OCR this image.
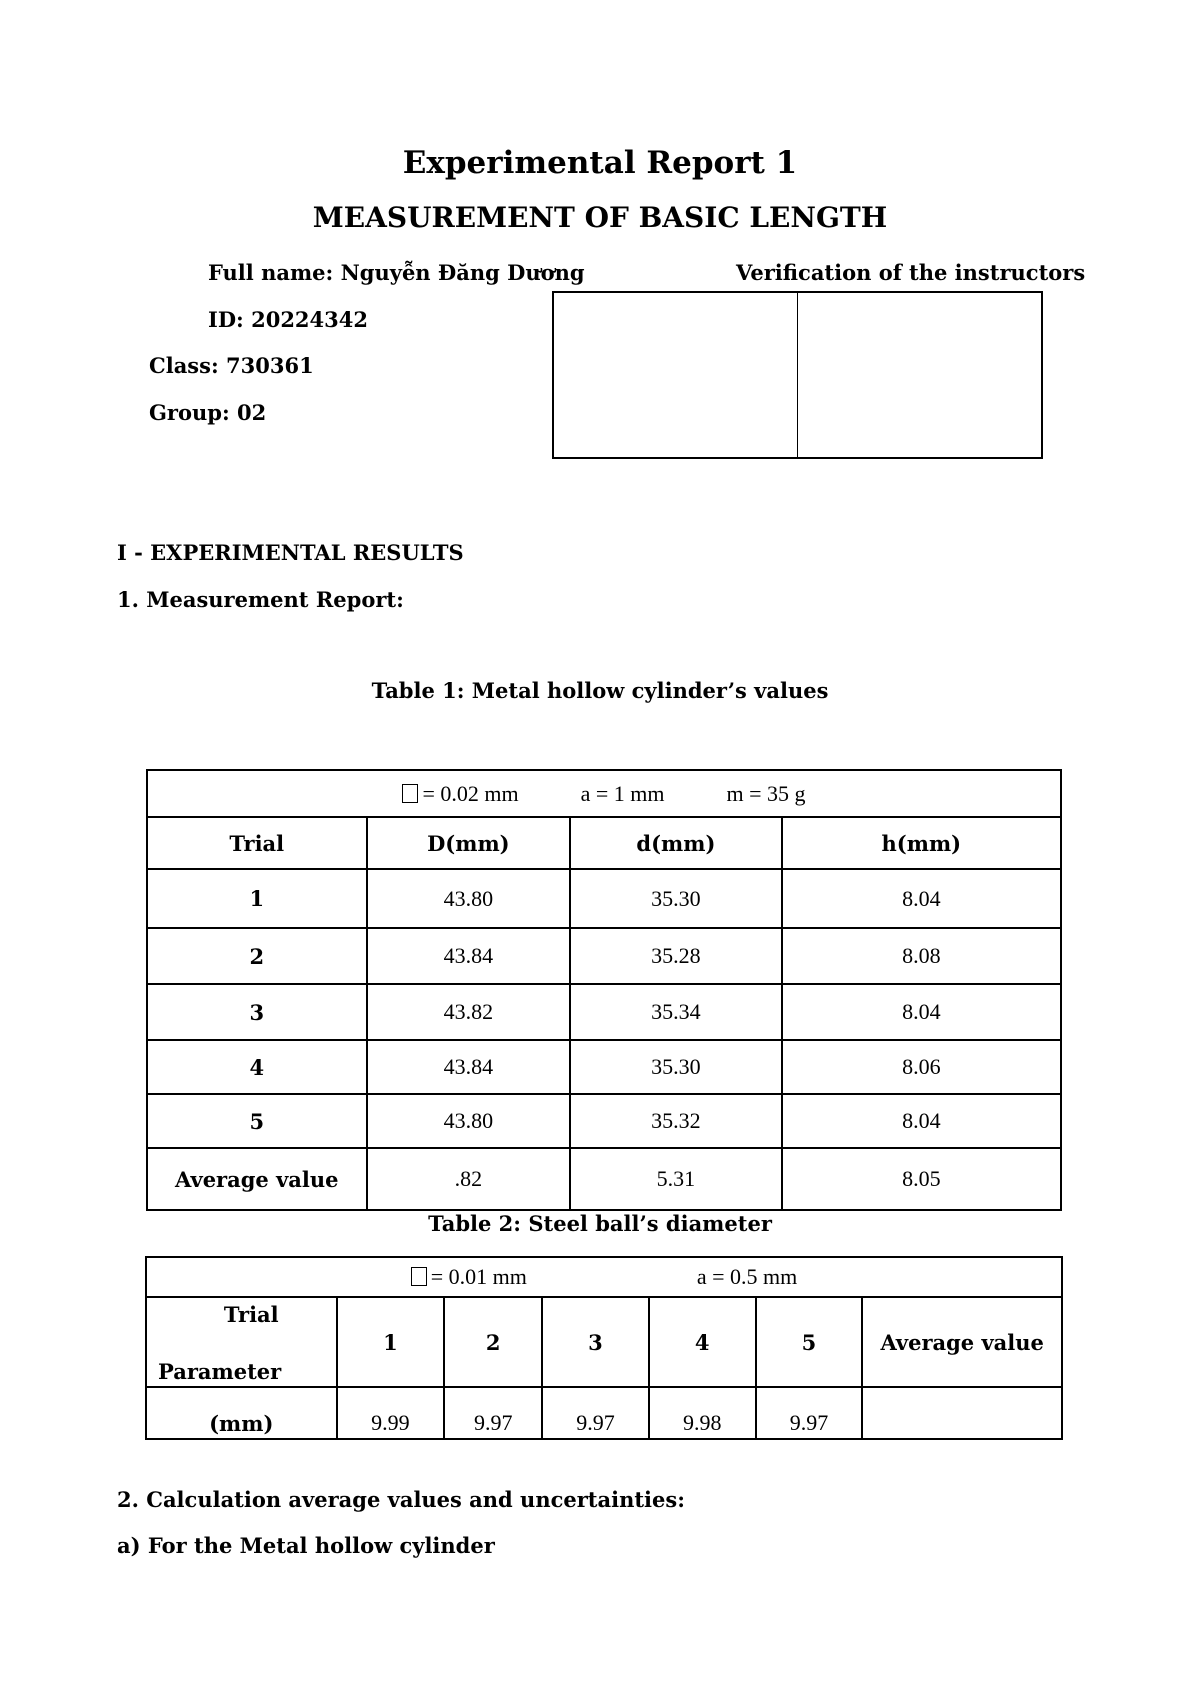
Experimental Report 1
MEASUREMENT OF BASIC LENGTH
Full name: Nguyễn Đăng Dương	Verification of the instructors
ID: 20224342
Class: 730361
Group: 02
I - EXPERIMENTAL RESULTS
1. Measurement Report:
Table 1: Metal hollow cylinder’s values
= 0.02 mm a = 1 mm m = 35 g			
Trial	D(mm)	d(mm)	h(mm)
1	43.80	35.30	8.04
2	43.84	35.28	8.08
3	43.82	35.34	8.04
4	43.84	35.30	8.06
5	43.80	35.32	8.04
Average value	.82	5.31	8.05
Table 2: Steel ball’s diameter
= 0.01 mm a = 0.5 mm						

Trial
Parameter	1	2	3	4	5	Average value
(mm)	9.99	9.97	9.97	9.98	9.97	
2. Calculation average values and uncertainties:
a) For the Metal hollow cylinder
